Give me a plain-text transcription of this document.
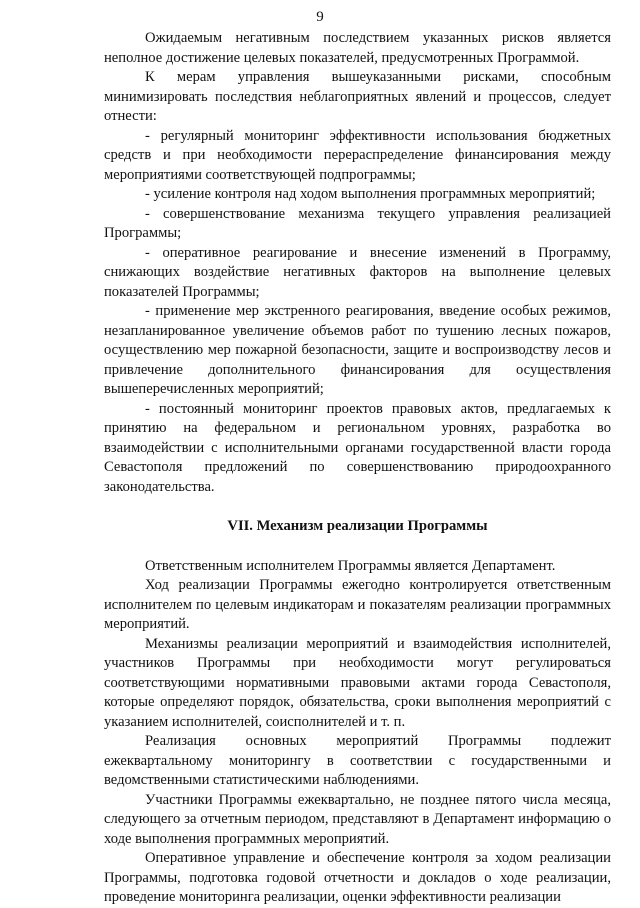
9

Ожидаемым негативным последствием указанных рисков является неполное достижение целевых показателей, предусмотренных Программой.

К мерам управления вышеуказанными рисками, способным минимизировать последствия неблагоприятных явлений и процессов, следует отнести:

- регулярный мониторинг эффективности использования бюджетных средств и при необходимости перераспределение финансирования между мероприятиями соответствующей подпрограммы;

- усиление контроля над ходом выполнения программных мероприятий;

- совершенствование механизма текущего управления реализацией Программы;

- оперативное реагирование и внесение изменений в Программу, снижающих воздействие негативных факторов на выполнение целевых показателей Программы;

- применение мер экстренного реагирования, введение особых режимов, незапланированное увеличение объемов работ по тушению лесных пожаров, осуществлению мер пожарной безопасности, защите и воспроизводству лесов и привлечение дополнительного финансирования для осуществления вышеперечисленных мероприятий;

- постоянный мониторинг проектов правовых актов, предлагаемых к принятию на федеральном и региональном уровнях, разработка во взаимодействии с исполнительными органами государственной власти города Севастополя предложений по совершенствованию природоохранного законодательства.

VII. Механизм реализации Программы

Ответственным исполнителем Программы является Департамент.

Ход реализации Программы ежегодно контролируется ответственным исполнителем по целевым индикаторам и показателям реализации программных мероприятий.

Механизмы реализации мероприятий и взаимодействия исполнителей, участников Программы при необходимости могут регулироваться соответствующими нормативными правовыми актами города Севастополя, которые определяют порядок, обязательства, сроки выполнения мероприятий с указанием исполнителей, соисполнителей и т. п.

Реализация основных мероприятий Программы подлежит ежеквартальному мониторингу в соответствии с государственными и ведомственными статистическими наблюдениями.

Участники Программы ежеквартально, не позднее пятого числа месяца, следующего за отчетным периодом, представляют в Департамент информацию о ходе выполнения программных мероприятий.

Оперативное управление и обеспечение контроля за ходом реализации Программы, подготовка годовой отчетности и докладов о ходе реализации, проведение мониторинга реализации, оценки эффективности реализации
